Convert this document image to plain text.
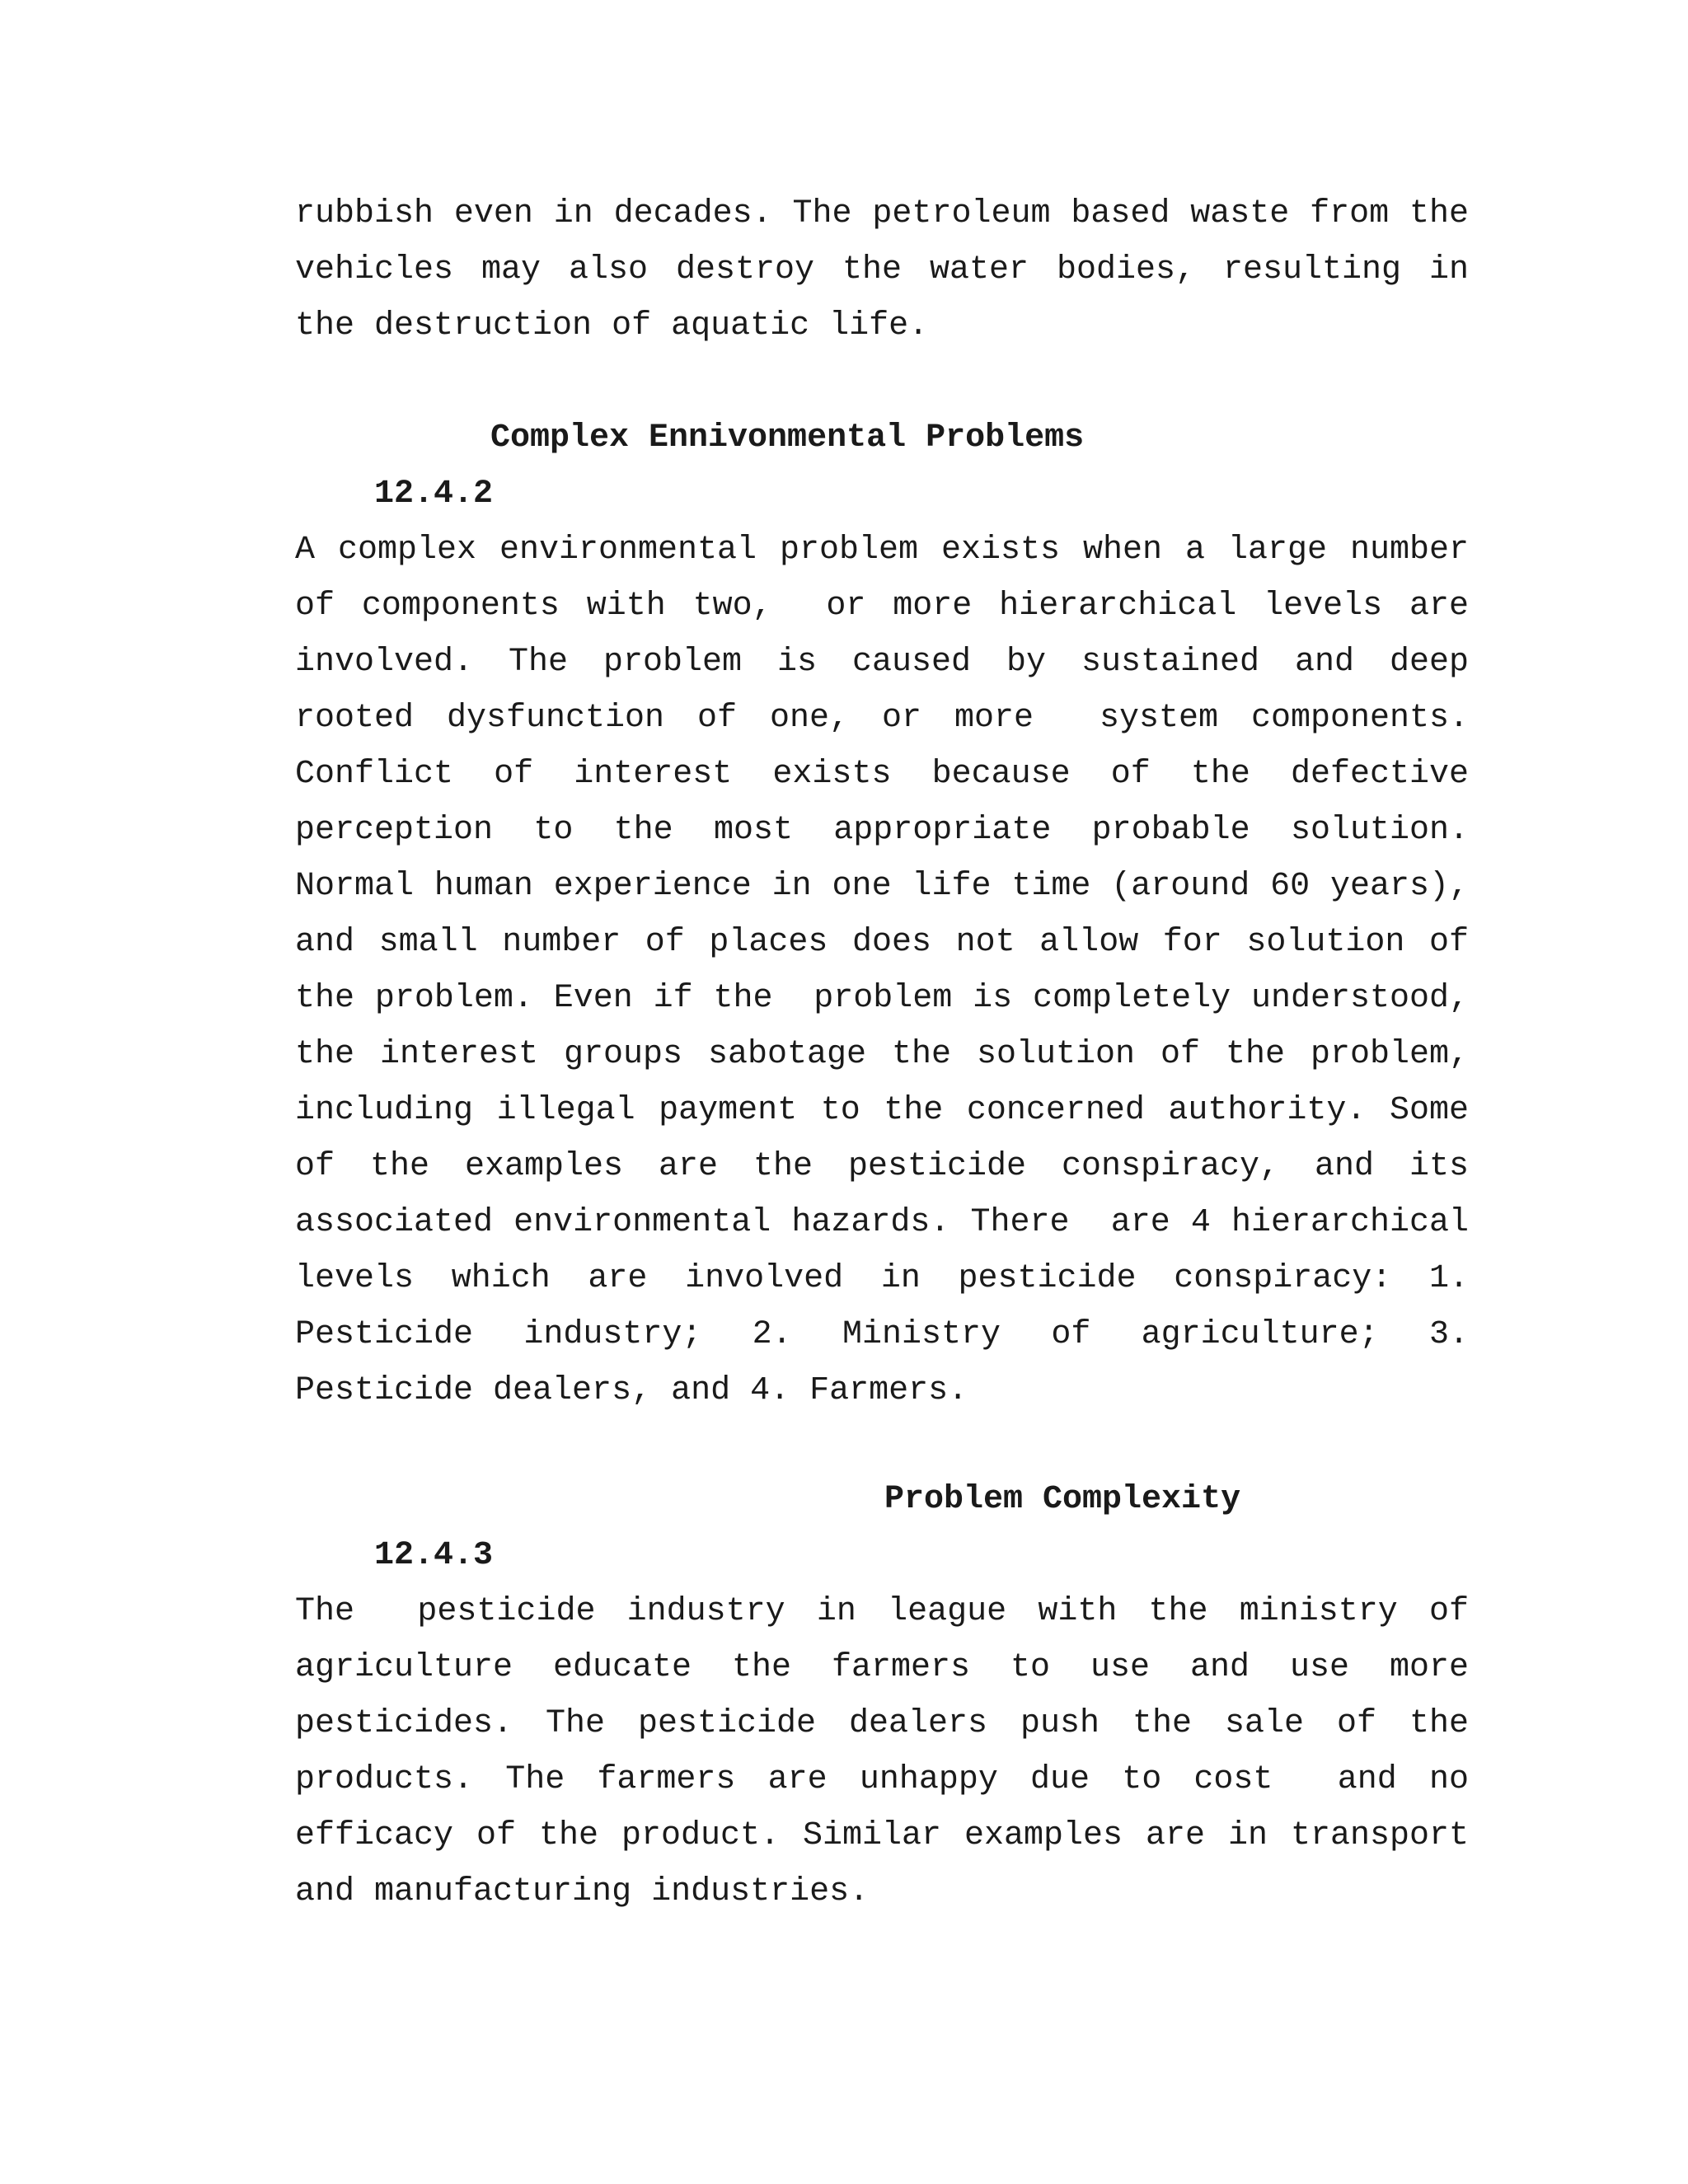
rubbish even in decades. The petroleum based waste from the

vehicles may also destroy the water bodies, resulting in

the destruction of aquatic life.

12.4.2

Complex Ennivonmental Problems

A complex environmental problem exists when a large number

of components with two,  or more hierarchical levels are

involved. The problem is caused by sustained and deep

rooted dysfunction of one, or more  system components.

Conflict of interest exists because of the defective

perception to the most appropriate probable solution.

Normal human experience in one life time (around 60 years),

and small number of places does not allow for solution of

the problem. Even if the  problem is completely understood,

the interest groups sabotage the solution of the problem,

including illegal payment to the concerned authority. Some

of the examples are the pesticide conspiracy, and its

associated environmental hazards. There  are 4 hierarchical

levels which are involved in pesticide conspiracy: 1.

Pesticide industry; 2. Ministry of agriculture; 3.

Pesticide dealers, and 4. Farmers.

12.4.3

Problem Complexity

The  pesticide industry in league with the ministry of

agriculture educate the farmers to use and use more

pesticides. The pesticide dealers push the sale of the

products. The farmers are unhappy due to cost  and no

efficacy of the product. Similar examples are in transport

and manufacturing industries.
